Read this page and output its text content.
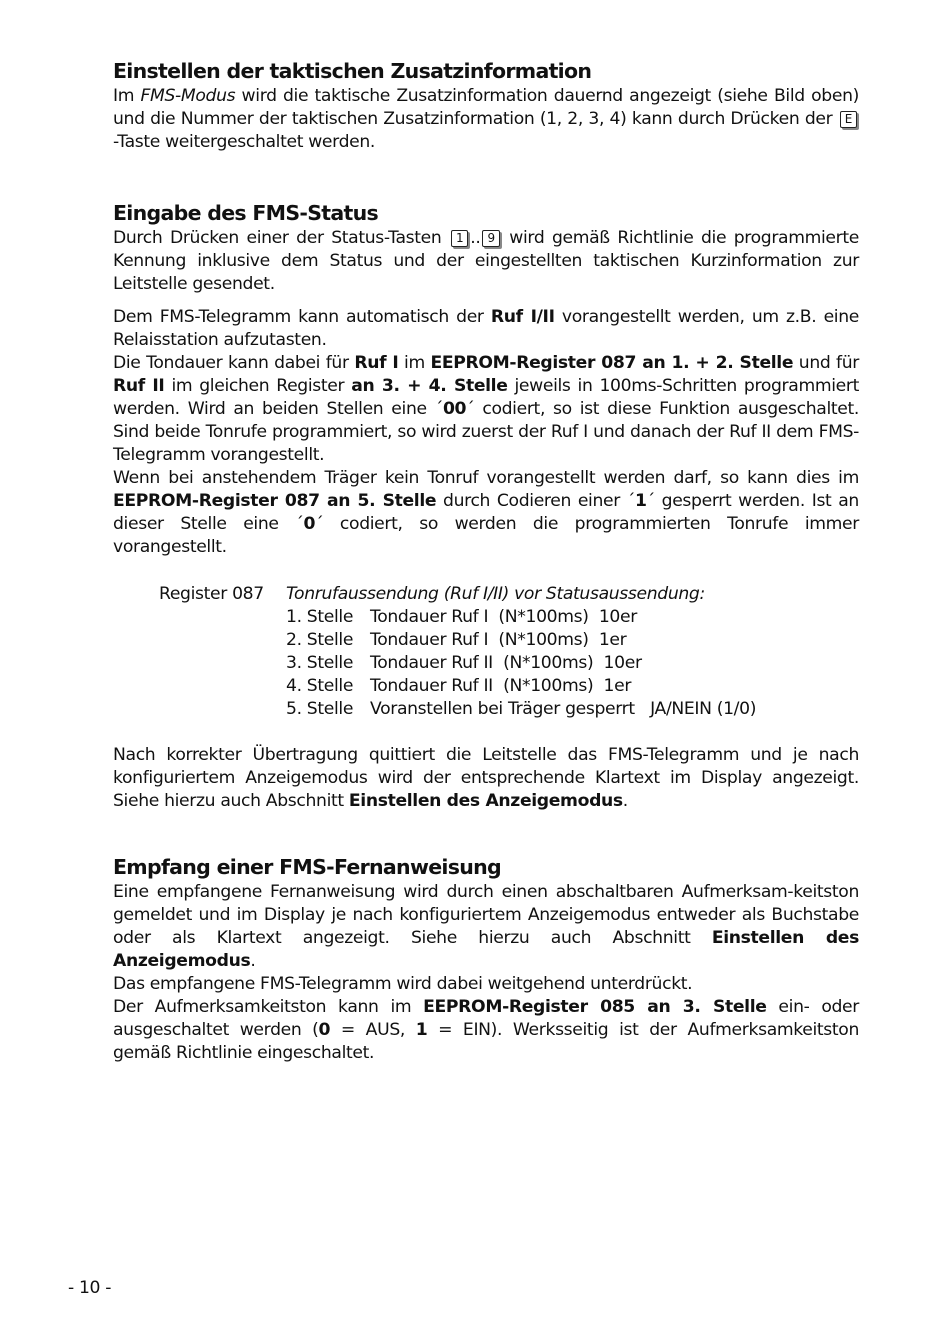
Einstellen der taktischen Zusatzinformation

Im FMS-Modus wird die taktische Zusatzinformation dauernd angezeigt (siehe Bild oben) und die Nummer der taktischen Zusatzinformation (1, 2, 3, 4) kann durch Drücken der E-Taste weitergeschaltet werden.

Eingabe des FMS-Status

Durch Drücken einer der Status-Tasten 1 .. 9 wird gemäß Richtlinie die programmierte Kennung inklusive dem Status und der eingestellten taktischen Kurzinformation zur Leitstelle gesendet.

Dem FMS-Telegramm kann automatisch der Ruf I/II vorangestellt werden, um z.B. eine Relaisstation aufzutasten.

Die Tondauer kann dabei für Ruf I im EEPROM-Register 087 an 1. + 2. Stelle und für Ruf II im gleichen Register an 3. + 4. Stelle jeweils in 100ms-Schritten programmiert werden. Wird an beiden Stellen eine ´00´ codiert, so ist diese Funktion ausgeschaltet. Sind beide Tonrufe programmiert, so wird zuerst der Ruf I und danach der Ruf II dem FMS-Telegramm vorangestellt.

Wenn bei anstehendem Träger kein Tonruf vorangestellt werden darf, so kann dies im EEPROM-Register 087 an 5. Stelle durch Codieren einer ´1´ gesperrt werden. Ist an dieser Stelle eine ´0´ codiert, so werden die programmierten Tonrufe immer vorangestellt.

Register 087	Tonrufaussendung (Ruf I/II) vor Statusaussendung:
1. Stelle Tondauer Ruf I  (N*100ms)  10er
2. Stelle Tondauer Ruf I  (N*100ms)  1er
3. Stelle Tondauer Ruf II  (N*100ms)  10er
4. Stelle Tondauer Ruf II  (N*100ms)  1er
5. Stelle Voranstellen bei Träger gesperrt   JA/NEIN (1/0)

Nach korrekter Übertragung quittiert die Leitstelle das FMS-Telegramm und je nach konfiguriertem Anzeigemodus wird der entsprechende Klartext im Display angezeigt. Siehe hierzu auch Abschnitt Einstellen des Anzeigemodus.

Empfang einer FMS-Fernanweisung

Eine empfangene Fernanweisung wird durch einen abschaltbaren Aufmerksam-keitston gemeldet und im Display je nach konfiguriertem Anzeigemodus entweder als Buchstabe oder als Klartext angezeigt. Siehe hierzu auch Abschnitt Einstellen des Anzeigemodus.

Das empfangene FMS-Telegramm wird dabei weitgehend unterdrückt.

Der Aufmerksamkeitston kann im EEPROM-Register 085 an 3. Stelle ein- oder ausgeschaltet werden (0 = AUS, 1 = EIN). Werksseitig ist der Aufmerksamkeitston gemäß Richtlinie eingeschaltet.

- 10 -
